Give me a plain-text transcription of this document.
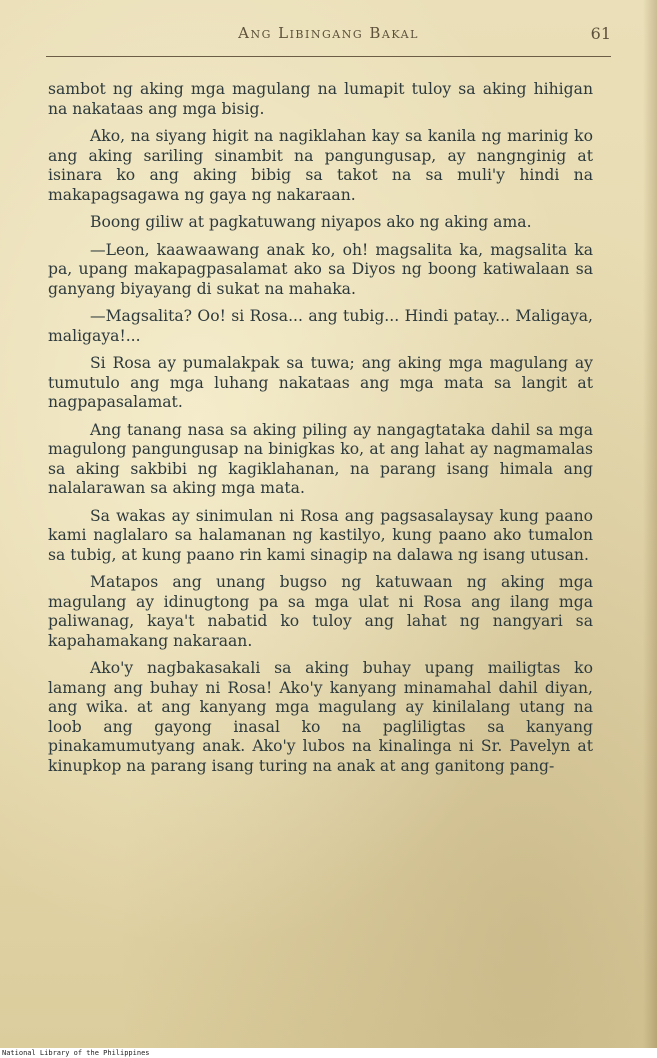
Ang Libingang Bakal	61

sambot ng aking mga magulang na lumapit tuloy sa aking hihigan na nakataas ang mga bisig.

Ako, na siyang higit na nagiklahan kay sa kanila ng marinig ko ang aking sariling sinambit na pangungusap, ay nangnginig at isinara ko ang aking bibig sa takot na sa muli'y hindi na makapagsagawa ng gaya ng nakaraan.

Boong giliw at pagkatuwang niyapos ako ng aking ama.

—Leon, kaawaawang anak ko, oh! magsalita ka, magsalita ka pa, upang makapagpasalamat ako sa Diyos ng boong katiwalaan sa ganyang biyayang di sukat na mahaka.

—Magsalita? Oo! si Rosa... ang tubig... Hindi patay... Maligaya, maligaya!...

Si Rosa ay pumalakpak sa tuwa; ang aking mga magulang ay tumutulo ang mga luhang nakataas ang mga mata sa langit at nagpapasalamat.

Ang tanang nasa sa aking piling ay nangagtataka dahil sa mga magulong pangungusap na binigkas ko, at ang lahat ay nagmamalas sa aking sakbibi ng kagiklahanan, na parang isang himala ang nalalarawan sa aking mga mata.

Sa wakas ay sinimulan ni Rosa ang pagsasalaysay kung paano kami naglalaro sa halamanan ng kastilyo, kung paano ako tumalon sa tubig, at kung paano rin kami sinagip na dalawa ng isang utusan.

Matapos ang unang bugso ng katuwaan ng aking mga magulang ay idinugtong pa sa mga ulat ni Rosa ang ilang mga paliwanag, kaya't nabatid ko tuloy ang lahat ng nangyari sa kapahamakang nakaraan.

Ako'y nagbakasakali sa aking buhay upang mailigtas ko lamang ang buhay ni Rosa! Ako'y kanyang minamahal dahil diyan, ang wika. at ang kanyang mga magulang ay kinilalang utang na loob ang gayong inasal ko na pagliligtas sa kanyang pinakamumutyang anak. Ako'y lubos na kinalinga ni Sr. Pavelyn at kinupkop na parang isang turing na anak at ang ganitong pang-

National Library of the Philippines
